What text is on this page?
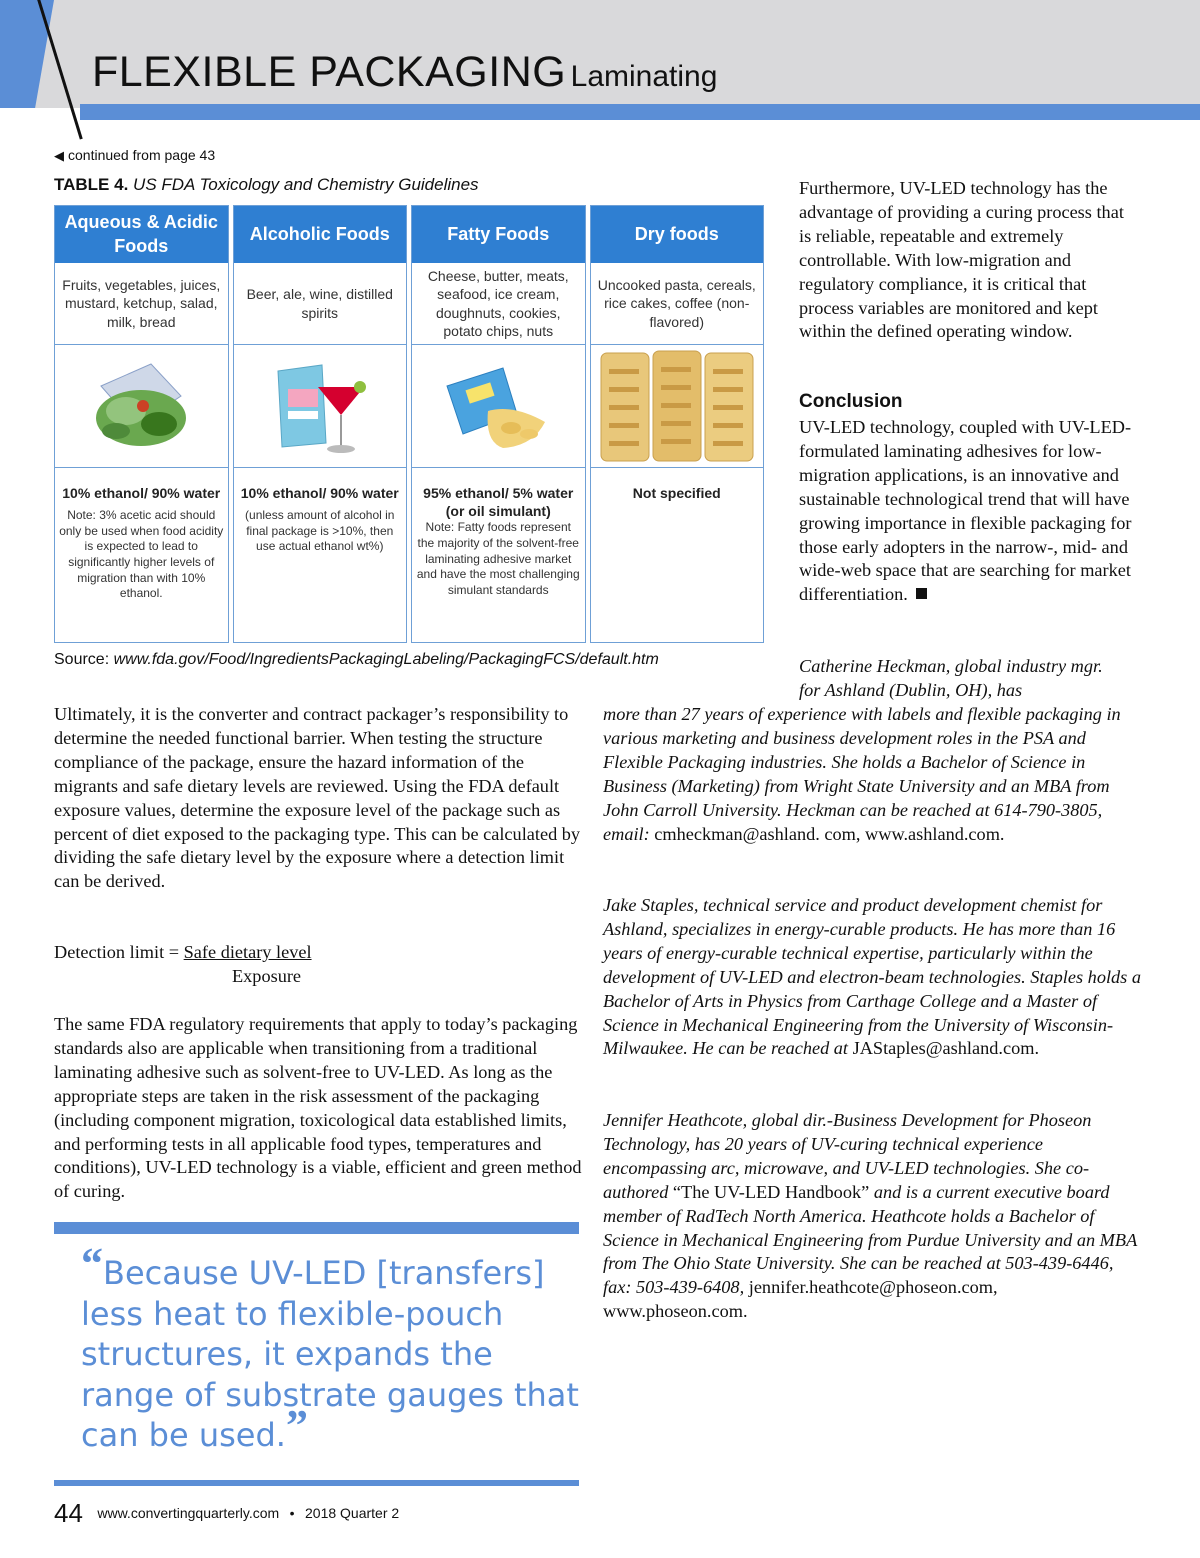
FLEXIBLE PACKAGING Laminating
◀ continued from page 43
TABLE 4. US FDA Toxicology and Chemistry Guidelines
Aqueous & Acidic Foods
Fruits, vegetables, juices, mustard, ketchup, salad, milk, bread
10% ethanol/ 90% water
Note: 3% acetic acid should only be used when food acidity is expected to lead to significantly higher levels of migration than with 10% ethanol.
Alcoholic Foods
Beer, ale, wine, distilled spirits
10% ethanol/ 90% water
(unless amount of alcohol in final package is >10%, then use actual ethanol wt%)
Fatty Foods
Cheese, butter, meats, seafood, ice cream, doughnuts, cookies, potato chips, nuts
95% ethanol/ 5% water (or oil simulant)
Note: Fatty foods represent the majority of the solvent-free laminating adhesive market and have the most challenging simulant standards
Dry foods
Uncooked pasta, cereals, rice cakes, coffee (non-flavored)
Not specified
Source: www.fda.gov/Food/IngredientsPackagingLabeling/PackagingFCS/default.htm
Ultimately, it is the converter and contract packager’s responsibility to determine the needed functional barrier. When testing the structure compliance of the package, ensure the hazard information of the migrants and safe dietary levels are reviewed. Using the FDA default exposure values, determine the exposure level of the package such as percent of diet exposed to the packaging type. This can be calculated by dividing the safe dietary level by the exposure where a detection limit can be derived.
Detection limit = Safe dietary level
Exposure
The same FDA regulatory requirements that apply to today’s packaging standards also are applicable when transitioning from a traditional laminating adhesive such as solvent-free to UV-LED. As long as the appropriate steps are taken in the risk assessment of the packaging (including component migration, toxicological data established limits, and performing tests in all applicable food types, temperatures and conditions), UV-LED technology is a viable, efficient and green method of curing.
“Because UV-LED [transfers] less heat to flexible-pouch structures, it expands the range of substrate gauges that can be used.”
Furthermore, UV-LED technology has the advantage of providing a curing process that is reliable, repeatable and extremely controllable. With low-migration and regulatory compliance, it is critical that process variables are monitored and kept within the defined operating window.
Conclusion
UV-LED technology, coupled with UV-LED-formulated laminating adhesives for low-migration applications, is an innovative and sustainable technological trend that will have growing importance in flexible packaging for those early adopters in the narrow-, mid- and wide-web space that are searching for market differentiation.
Catherine Heckman, global industry mgr. for Ashland (Dublin, OH), has
more than 27 years of experience with labels and flexible packaging in various marketing and business development roles in the PSA and Flexible Packaging industries. She holds a Bachelor of Science in Business (Marketing) from Wright State University and an MBA from John Carroll University. Heckman can be reached at 614-790-3805, email: cmheckman@ashland. com, www.ashland.com.
Jake Staples, technical service and product development chemist for Ashland, specializes in energy-curable products. He has more than 16 years of energy-curable technical expertise, particularly within the development of UV-LED and electron-beam technologies. Staples holds a Bachelor of Arts in Physics from Carthage College and a Master of Science in Mechanical Engineering from the University of Wisconsin-Milwaukee. He can be reached at JAStaples@ashland.com.
Jennifer Heathcote, global dir.-Business Development for Phoseon Technology, has 20 years of UV-curing technical experience encompassing arc, microwave, and UV-LED technologies. She co-authored “The UV-LED Handbook” and is a current executive board member of RadTech North America. Heathcote holds a Bachelor of Science in Mechanical Engineering from Purdue University and an MBA from The Ohio State University. She can be reached at 503-439-6446, fax: 503-439-6408, jennifer.heathcote@phoseon.com, www.phoseon.com.
44 www.convertingquarterly.com • 2018 Quarter 2
